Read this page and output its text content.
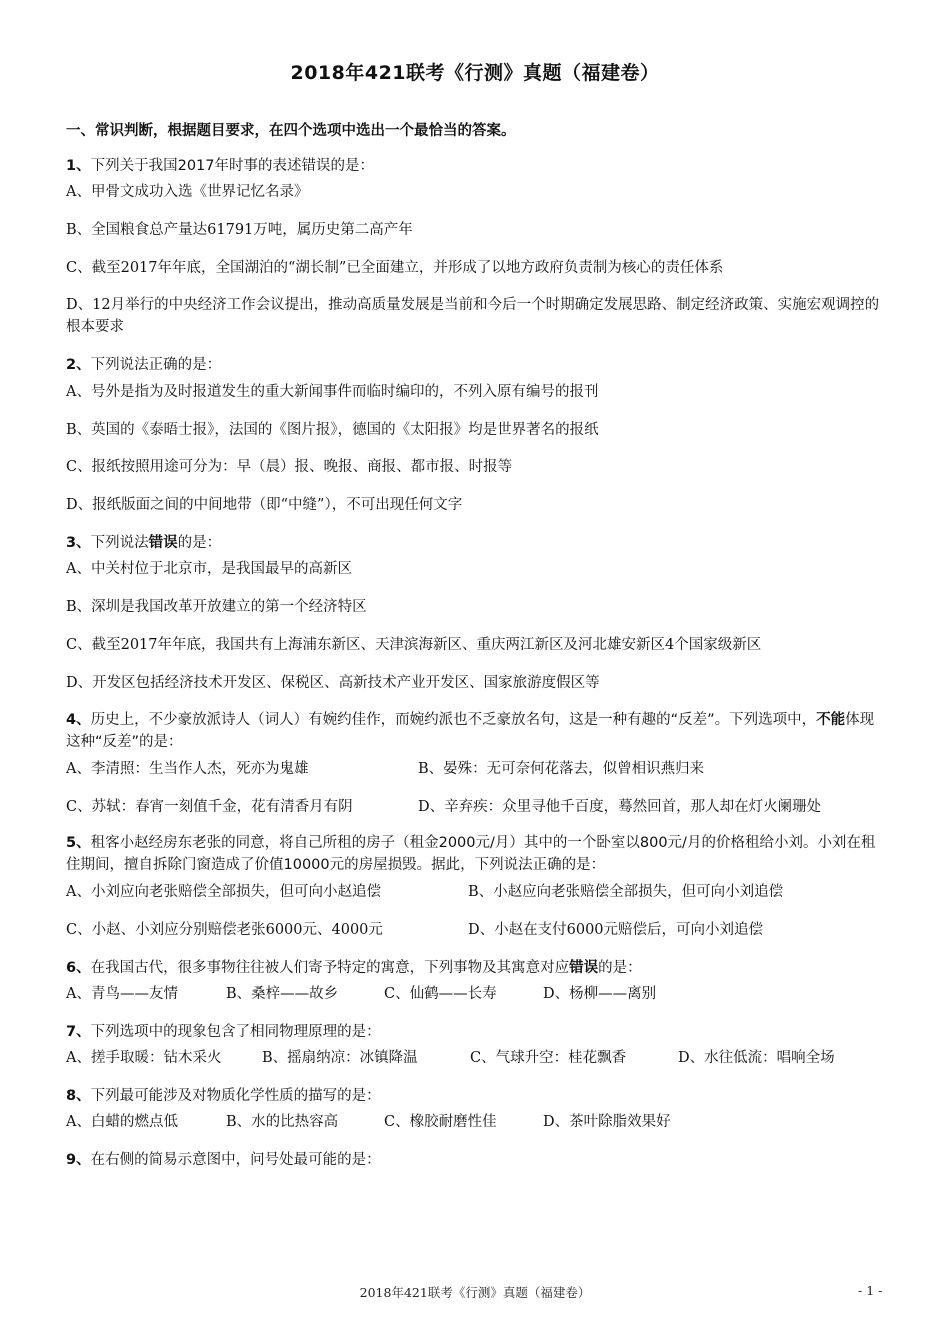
2018年421联考《行测》真题（福建卷）
一、常识判断，根据题目要求，在四个选项中选出一个最恰当的答案。
1、下列关于我国2017年时事的表述错误的是：
A、甲骨文成功入选《世界记忆名录》
B、全国粮食总产量达61791万吨，属历史第二高产年
C、截至2017年年底，全国湖泊的“湖长制”已全面建立，并形成了以地方政府负责制为核心的责任体系
D、12月举行的中央经济工作会议提出，推动高质量发展是当前和今后一个时期确定发展思路、制定经济政策、实施宏观调控的根本要求
2、下列说法正确的是：
A、号外是指为及时报道发生的重大新闻事件而临时编印的，不列入原有编号的报刊
B、英国的《泰晤士报》，法国的《图片报》，德国的《太阳报》均是世界著名的报纸
C、报纸按照用途可分为：早（晨）报、晚报、商报、都市报、时报等
D、报纸版面之间的中间地带（即“中缝”），不可出现任何文字
3、下列说法错误的是：
A、中关村位于北京市，是我国最早的高新区
B、深圳是我国改革开放建立的第一个经济特区
C、截至2017年年底，我国共有上海浦东新区、天津滨海新区、重庆两江新区及河北雄安新区4个国家级新区
D、开发区包括经济技术开发区、保税区、高新技术产业开发区、国家旅游度假区等
4、历史上，不少豪放派诗人（词人）有婉约佳作，而婉约派也不乏豪放名句，这是一种有趣的“反差”。下列选项中，不能体现这种“反差”的是：
A、李清照：生当作人杰，死亦为鬼雄	B、晏殊：无可奈何花落去，似曾相识燕归来
C、苏轼：春宵一刻值千金，花有清香月有阴	D、辛弃疾：众里寻他千百度，蓦然回首，那人却在灯火阑珊处
5、租客小赵经房东老张的同意，将自己所租的房子（租金2000元/月）其中的一个卧室以800元/月的价格租给小刘。小刘在租住期间，擅自拆除门窗造成了价值10000元的房屋损毁。据此，下列说法正确的是：
A、小刘应向老张赔偿全部损失，但可向小赵追偿	B、小赵应向老张赔偿全部损失，但可向小刘追偿
C、小赵、小刘应分别赔偿老张6000元、4000元	D、小赵在支付6000元赔偿后，可向小刘追偿
6、在我国古代，很多事物往往被人们寄予特定的寓意，下列事物及其寓意对应错误的是：
A、青鸟——友情	B、桑梓——故乡	C、仙鹤——长寿	D、杨柳——离别
7、下列选项中的现象包含了相同物理原理的是：
A、搓手取暖：钻木采火	B、摇扇纳凉：冰镇降温	C、气球升空：桂花飘香	D、水往低流：唱响全场
8、下列最可能涉及对物质化学性质的描写的是：
A、白蜡的燃点低	B、水的比热容高	C、橡胶耐磨性佳	D、茶叶除脂效果好
9、在右侧的简易示意图中，问号处最可能的是：
2018年421联考《行测》真题（福建卷）	- 1 -
